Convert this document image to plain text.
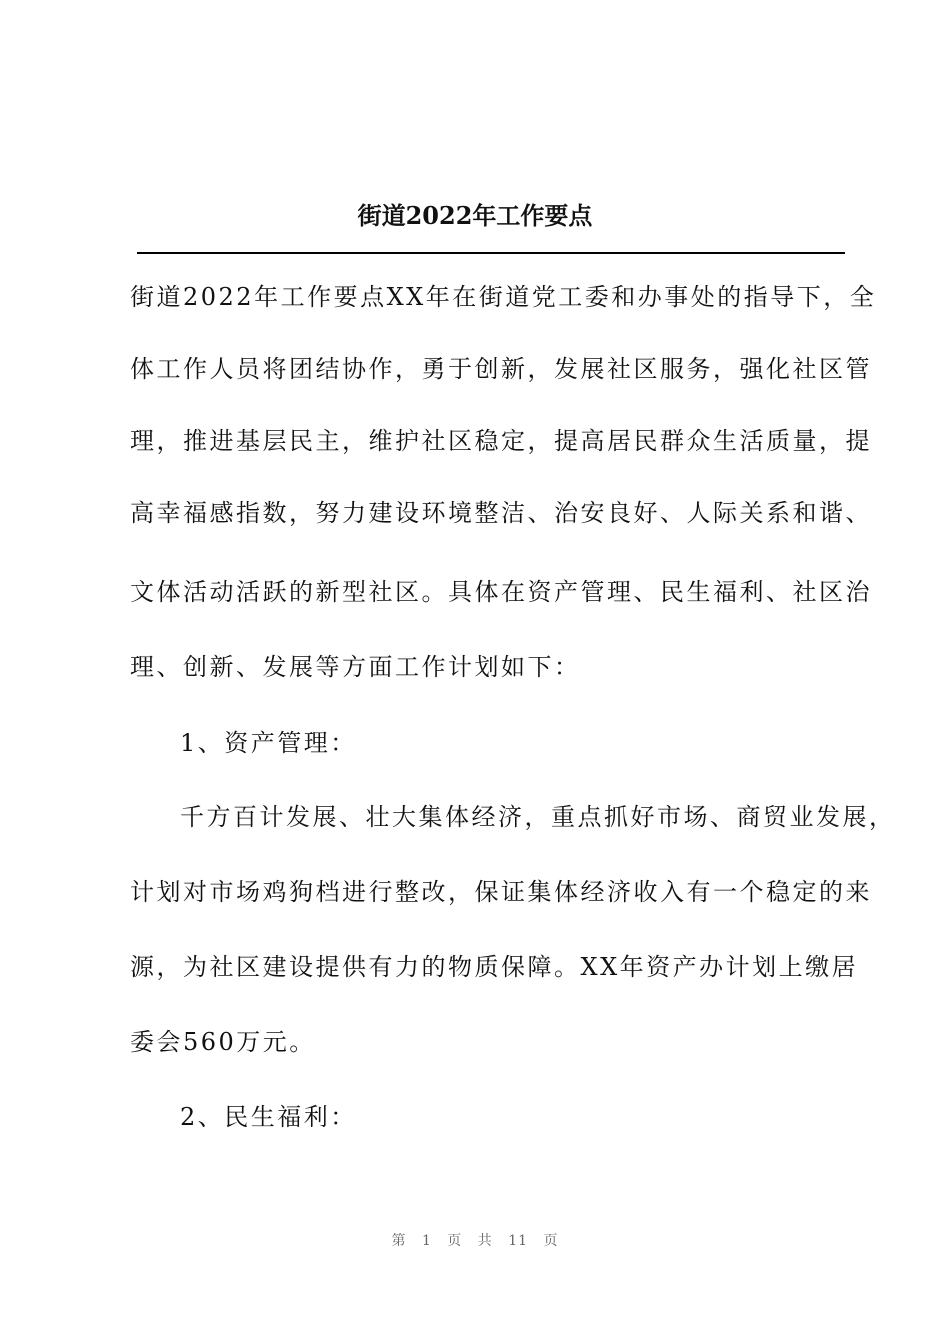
街道2022年工作要点
街道2022年工作要点XX年在街道党工委和办事处的指导下，全
体工作人员将团结协作，勇于创新，发展社区服务，强化社区管
理，推进基层民主，维护社区稳定，提高居民群众生活质量，提
高幸福感指数，努力建设环境整洁、治安良好、人际关系和谐、
文体活动活跃的新型社区。具体在资产管理、民生福利、社区治
理、创新、发展等方面工作计划如下：
1、资产管理：
千方百计发展、壮大集体经济，重点抓好市场、商贸业发展，
计划对市场鸡狗档进行整改，保证集体经济收入有一个稳定的来
源，为社区建设提供有力的物质保障。XX年资产办计划上缴居
委会560万元。
2、民生福利：
第 1 页 共 11 页
